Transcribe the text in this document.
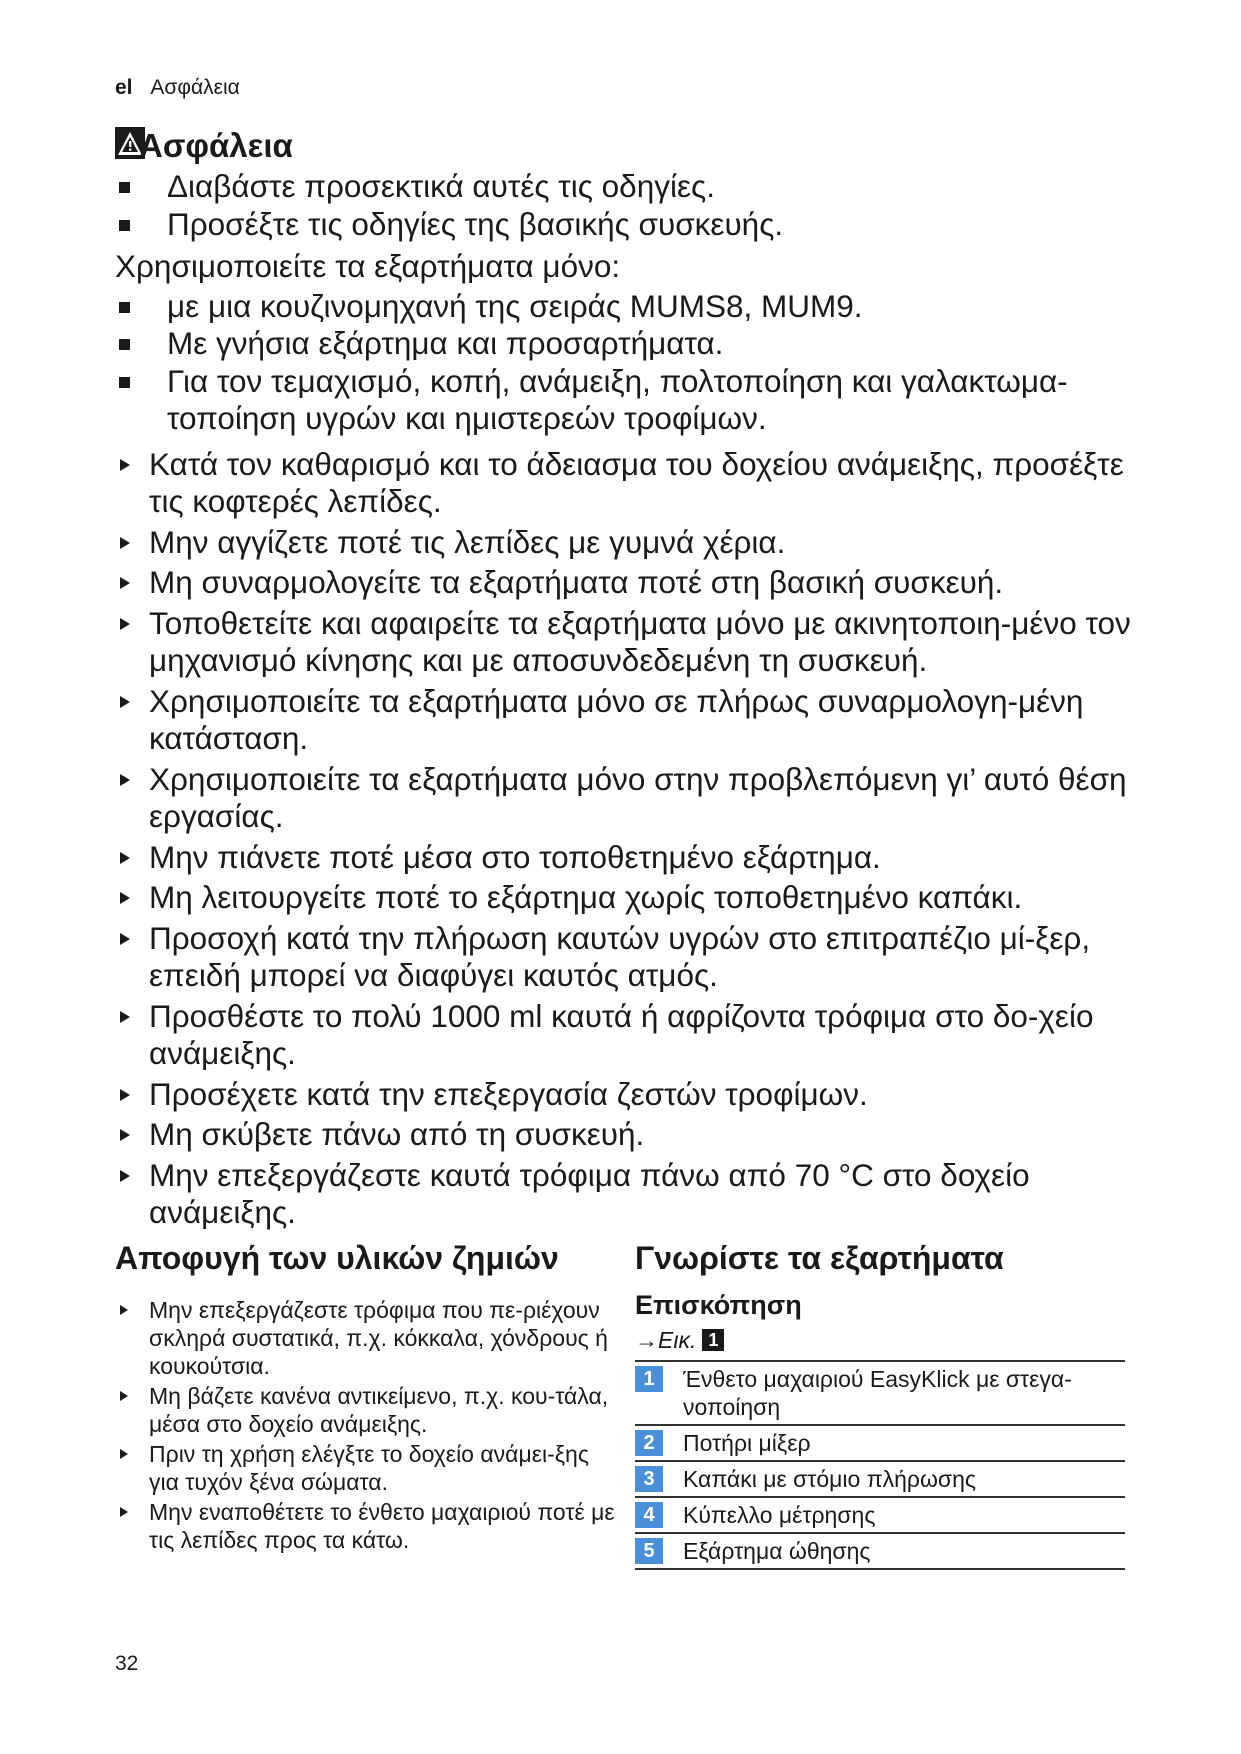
el Ασφάλεια
Ασφάλεια
Διαβάστε προσεκτικά αυτές τις οδηγίες.
Προσέξτε τις οδηγίες της βασικής συσκευής.
Χρησιμοποιείτε τα εξαρτήματα μόνο:
με μια κουζινομηχανή της σειράς MUMS8, MUM9.
Με γνήσια εξάρτημα και προσαρτήματα.
Για τον τεμαχισμό, κοπή, ανάμειξη, πολτοποίηση και γαλακτωμα-τοποίηση υγρών και ημιστερεών τροφίμων.
Κατά τον καθαρισμό και το άδειασμα του δοχείου ανάμειξης, προσέξτε τις κοφτερές λεπίδες.
Μην αγγίζετε ποτέ τις λεπίδες με γυμνά χέρια.
Μη συναρμολογείτε τα εξαρτήματα ποτέ στη βασική συσκευή.
Τοποθετείτε και αφαιρείτε τα εξαρτήματα μόνο με ακινητοποιη-μένο τον μηχανισμό κίνησης και με αποσυνδεδεμένη τη συσκευή.
Χρησιμοποιείτε τα εξαρτήματα μόνο σε πλήρως συναρμολογη-μένη κατάσταση.
Χρησιμοποιείτε τα εξαρτήματα μόνο στην προβλεπόμενη γι’ αυτό θέση εργασίας.
Μην πιάνετε ποτέ μέσα στο τοποθετημένο εξάρτημα.
Μη λειτουργείτε ποτέ το εξάρτημα χωρίς τοποθετημένο καπάκι.
Προσοχή κατά την πλήρωση καυτών υγρών στο επιτραπέζιο μί-ξερ, επειδή μπορεί να διαφύγει καυτός ατμός.
Προσθέστε το πολύ 1000 ml καυτά ή αφρίζοντα τρόφιμα στο δο-χείο ανάμειξης.
Προσέχετε κατά την επεξεργασία ζεστών τροφίμων.
Μη σκύβετε πάνω από τη συσκευή.
Μην επεξεργάζεστε καυτά τρόφιμα πάνω από 70 °C στο δοχείο ανάμειξης.
Αποφυγή των υλικών ζημιών
Μην επεξεργάζεστε τρόφιμα που πε-ριέχουν σκληρά συστατικά, π.χ. κόκκαλα, χόνδρους ή κουκούτσια.
Μη βάζετε κανένα αντικείμενο, π.χ. κου-τάλα, μέσα στο δοχείο ανάμειξης.
Πριν τη χρήση ελέγξτε το δοχείο ανάμει-ξης για τυχόν ξένα σώματα.
Μην εναποθέτετε το ένθετο μαχαιριού ποτέ με τις λεπίδες προς τα κάτω.
Γνωρίστε τα εξαρτήματα
Επισκόπηση
→ Εικ. 1
1	Ένθετο μαχαιριού EasyKlick με στεγα-νοποίηση
2	Ποτήρι μίξερ
3	Καπάκι με στόμιο πλήρωσης
4	Κύπελλο μέτρησης
5	Εξάρτημα ώθησης
32
